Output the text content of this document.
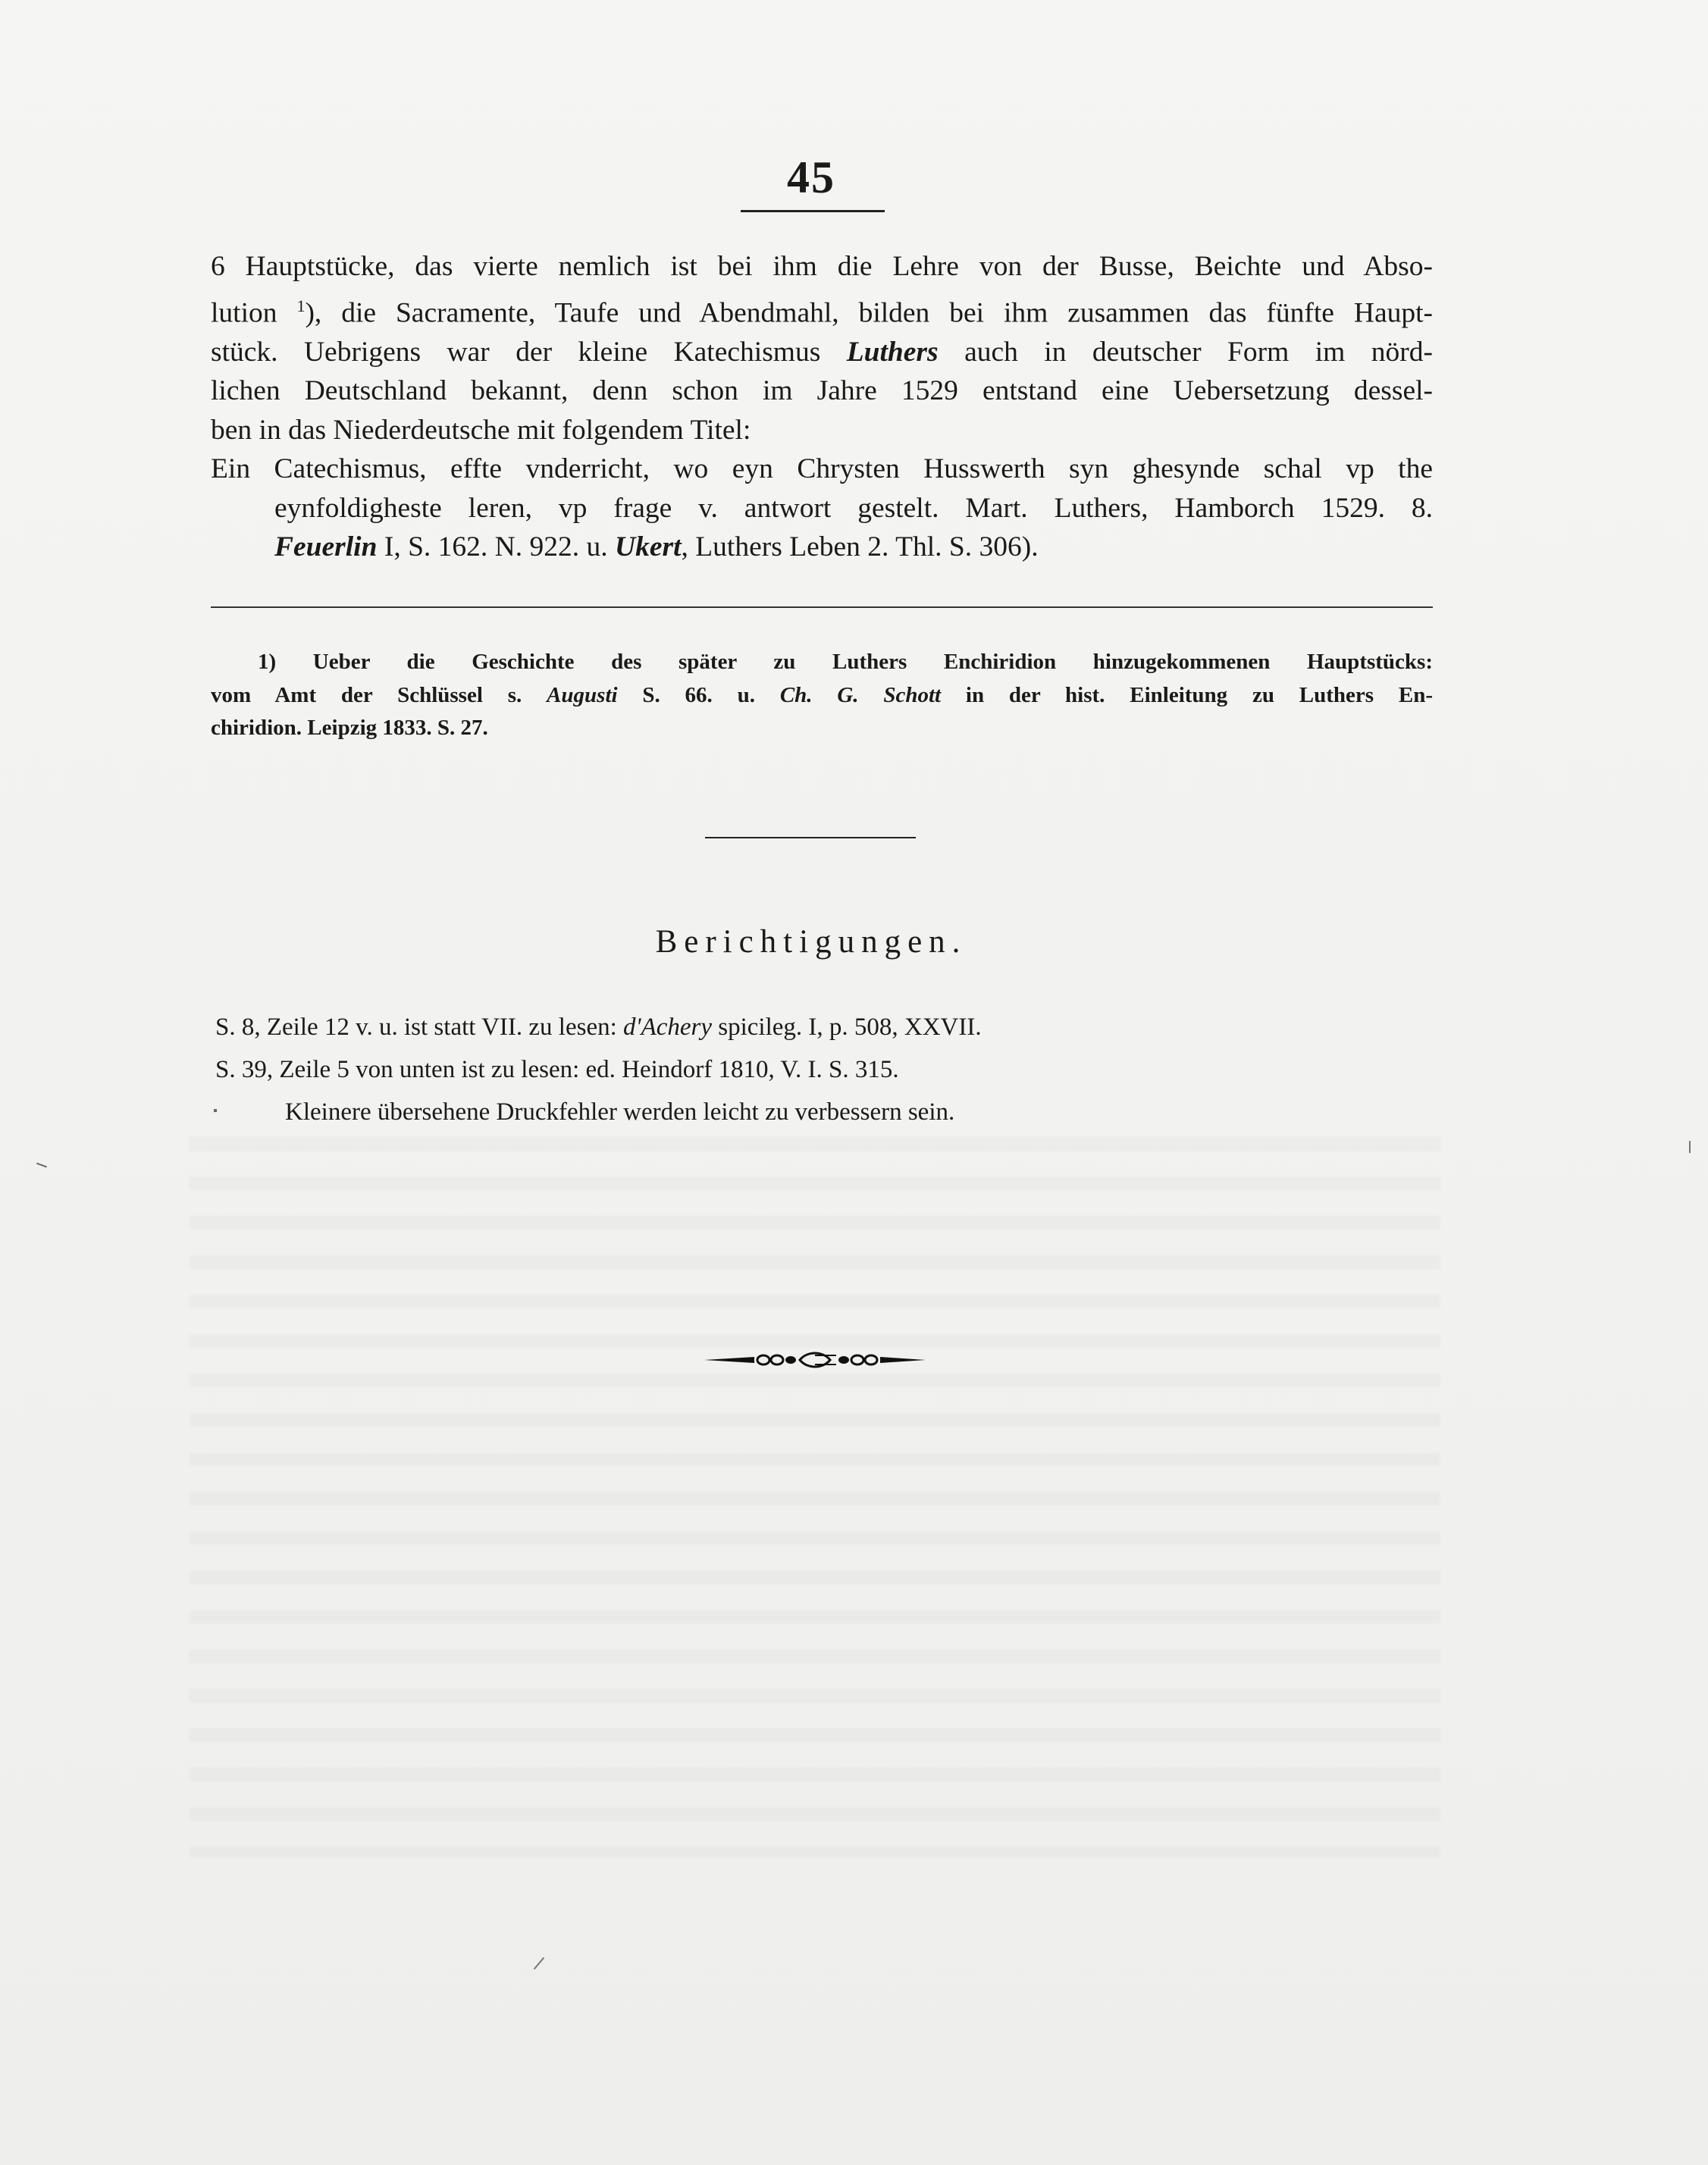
45
6 Hauptstücke, das vierte nemlich ist bei ihm die Lehre von der Busse, Beichte und Abso-
lution $^1$), die Sacramente, Taufe und Abendmahl, bilden bei ihm zusammen das fünfte Haupt-
stück. Uebrigens war der kleine Katechismus Luthers auch in deutscher Form im nörd-
lichen Deutschland bekannt, denn schon im Jahre 1529 entstand eine Uebersetzung dessel-
ben in das Niederdeutsche mit folgendem Titel:
Ein Catechismus, effte vnderricht, wo eyn Chrysten Husswerth syn ghesynde schal vp the
eynfoldigheste leren, vp frage v. antwort gestelt. Mart. Luthers, Hamborch 1529. 8.
Feuerlin I, S. 162. N. 922. u. Ukert, Luthers Leben 2. Thl. S. 306).
1) Ueber die Geschichte des später zu Luthers Enchiridion hinzugekommenen Hauptstücks:
vom Amt der Schlüssel s. Augusti S. 66. u. Ch. G. Schott in der hist. Einleitung zu Luthers En-
chiridion. Leipzig 1833. S. 27.
Berichtigungen.
S. 8, Zeile 12 v. u. ist statt VII. zu lesen: d'Achery spicileg. I, p. 508, XXVII.
S. 39, Zeile 5 von unten ist zu lesen: ed. Heindorf 1810, V. I. S. 315.
Kleinere übersehene Druckfehler werden leicht zu verbessern sein.
